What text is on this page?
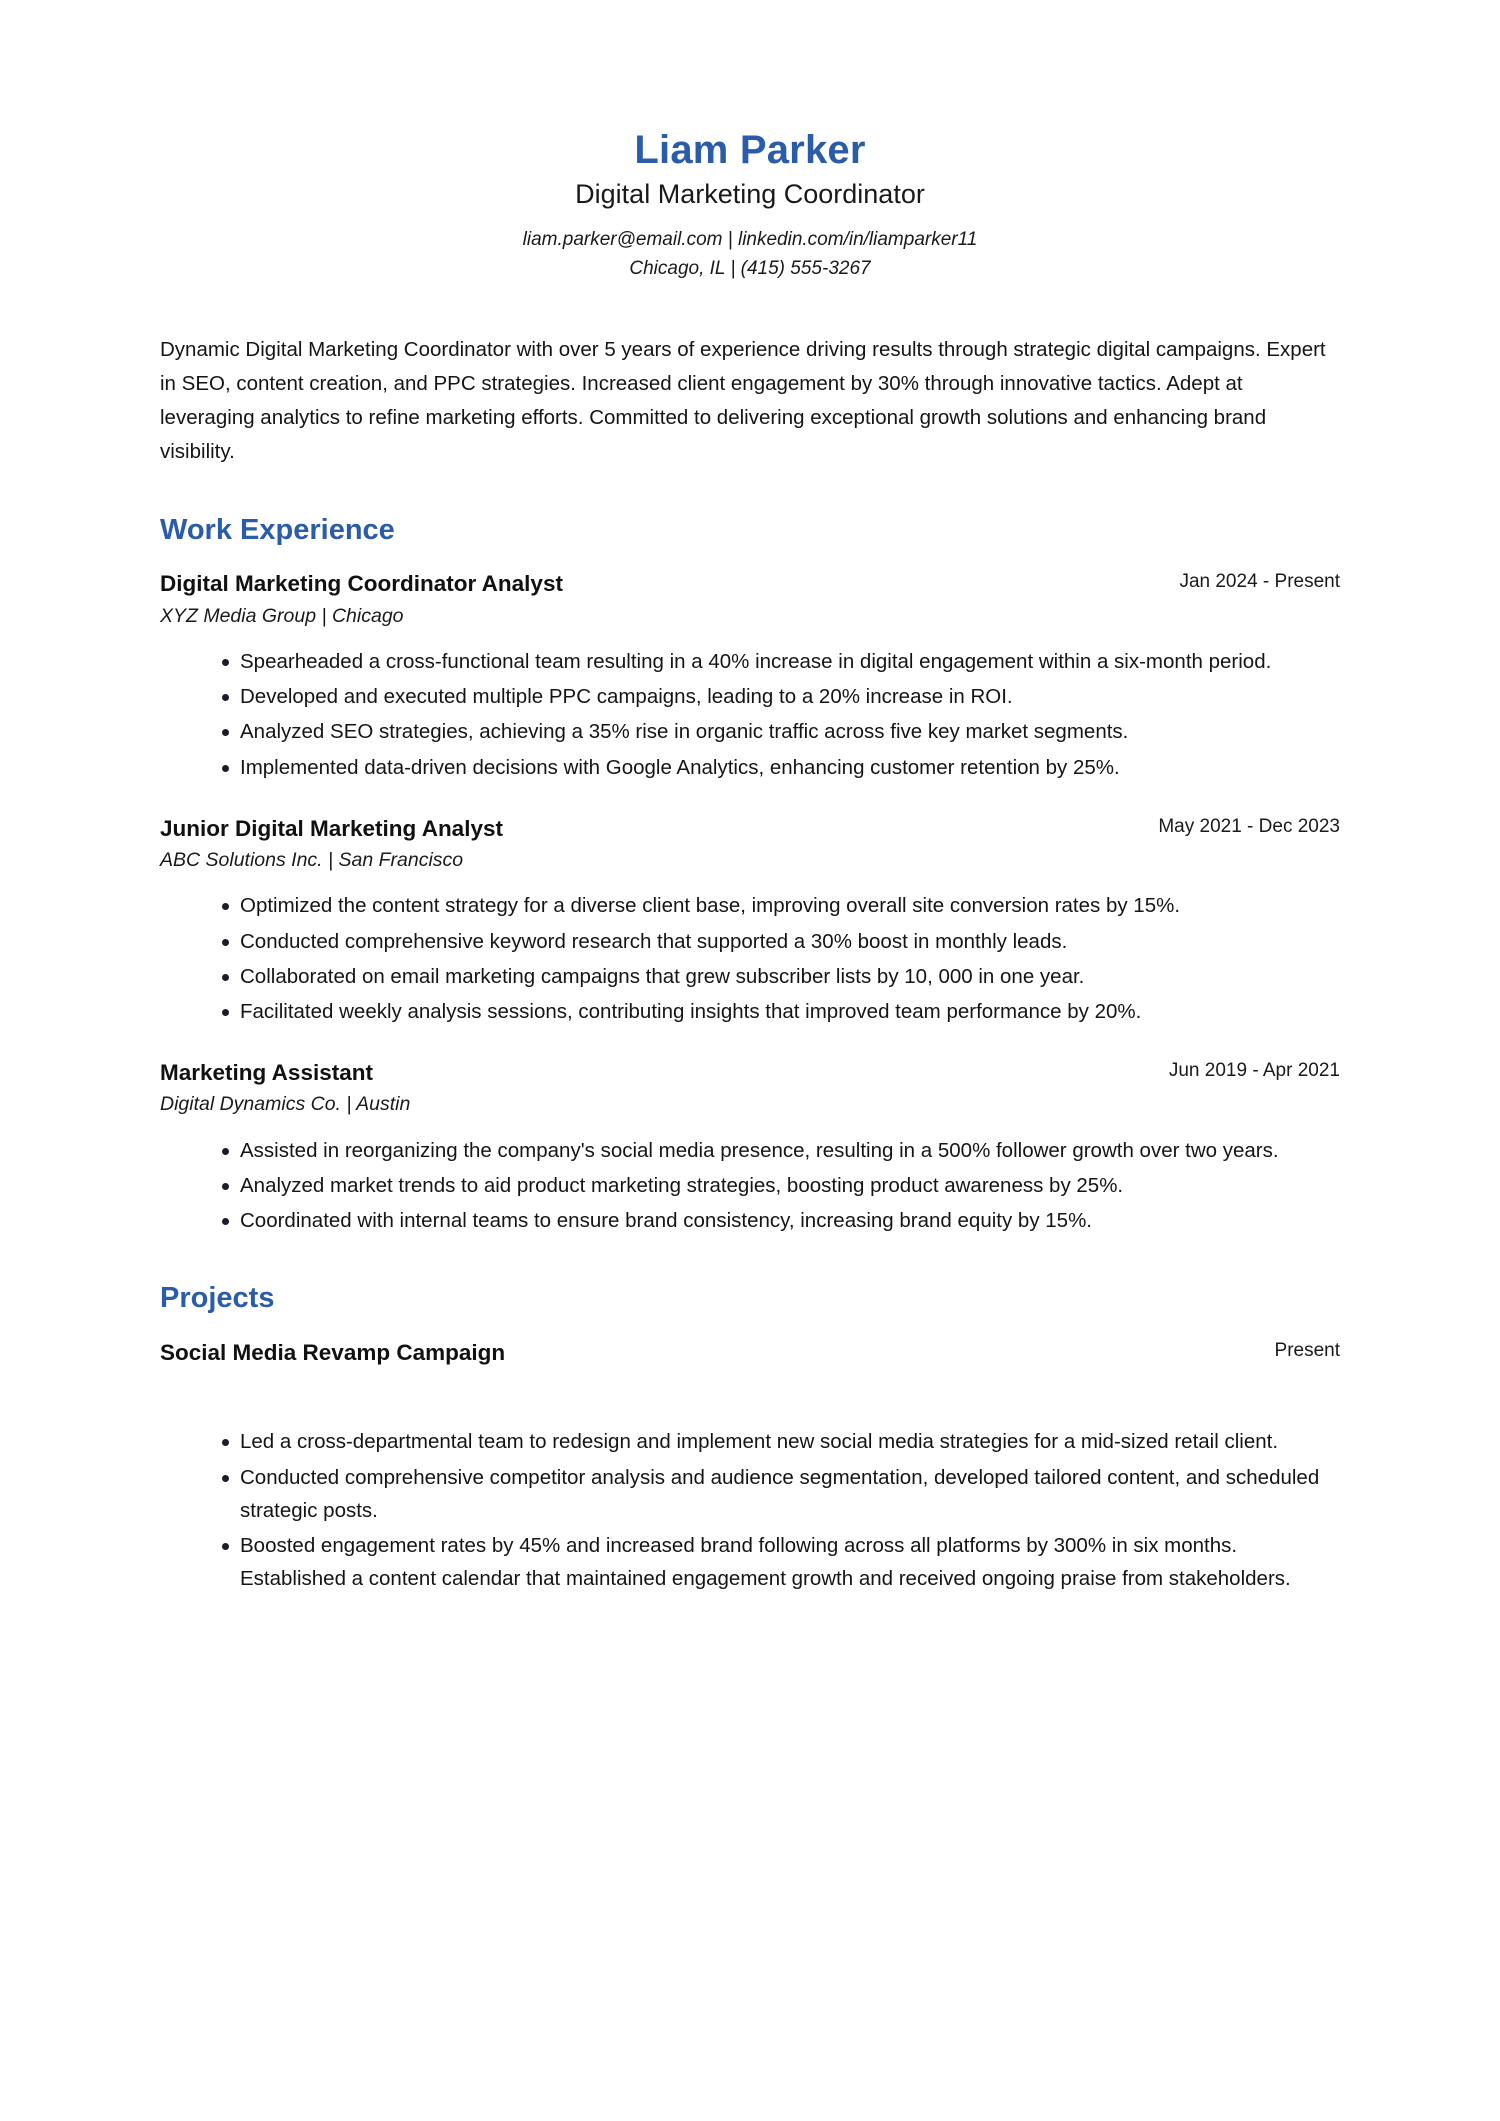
Liam Parker
Digital Marketing Coordinator
liam.parker@email.com | linkedin.com/in/liamparker11
Chicago, IL | (415) 555-3267
Dynamic Digital Marketing Coordinator with over 5 years of experience driving results through strategic digital campaigns. Expert in SEO, content creation, and PPC strategies. Increased client engagement by 30% through innovative tactics. Adept at leveraging analytics to refine marketing efforts. Committed to delivering exceptional growth solutions and enhancing brand visibility.
Work Experience
Digital Marketing Coordinator Analyst	Jan 2024 - Present
XYZ Media Group | Chicago
Spearheaded a cross-functional team resulting in a 40% increase in digital engagement within a six-month period.
Developed and executed multiple PPC campaigns, leading to a 20% increase in ROI.
Analyzed SEO strategies, achieving a 35% rise in organic traffic across five key market segments.
Implemented data-driven decisions with Google Analytics, enhancing customer retention by 25%.
Junior Digital Marketing Analyst	May 2021 - Dec 2023
ABC Solutions Inc. | San Francisco
Optimized the content strategy for a diverse client base, improving overall site conversion rates by 15%.
Conducted comprehensive keyword research that supported a 30% boost in monthly leads.
Collaborated on email marketing campaigns that grew subscriber lists by 10, 000 in one year.
Facilitated weekly analysis sessions, contributing insights that improved team performance by 20%.
Marketing Assistant	Jun 2019 - Apr 2021
Digital Dynamics Co. | Austin
Assisted in reorganizing the company's social media presence, resulting in a 500% follower growth over two years.
Analyzed market trends to aid product marketing strategies, boosting product awareness by 25%.
Coordinated with internal teams to ensure brand consistency, increasing brand equity by 15%.
Projects
Social Media Revamp Campaign	Present
Led a cross-departmental team to redesign and implement new social media strategies for a mid-sized retail client.
Conducted comprehensive competitor analysis and audience segmentation, developed tailored content, and scheduled strategic posts.
Boosted engagement rates by 45% and increased brand following across all platforms by 300% in six months. Established a content calendar that maintained engagement growth and received ongoing praise from stakeholders.
